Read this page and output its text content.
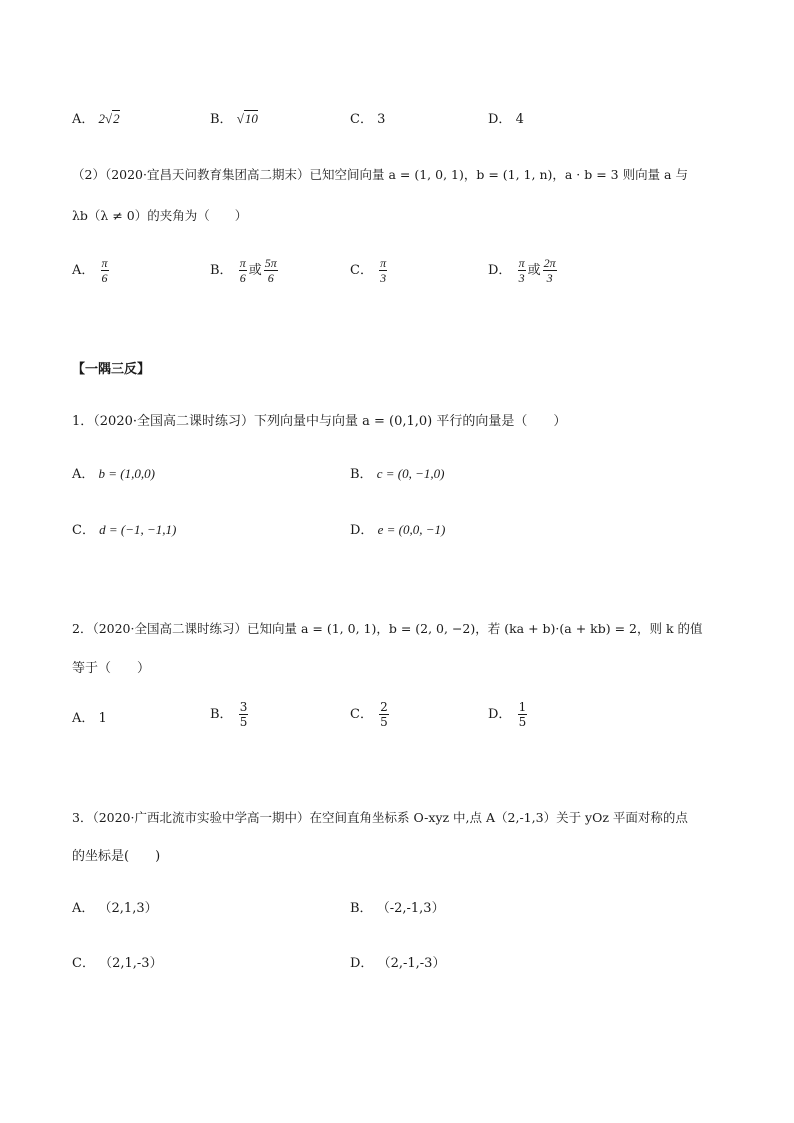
A． 2√2	B． √10	C． 3	D． 4
（2）（2020·宜昌天问教育集团高二期末）已知空间向量 a = (1, 0, 1)，b = (1, 1, n)，a · b = 3 则向量 a 与
λb（λ ≠ 0）的夹角为（　　）
A． $\frac{\pi}{6}$	B． $\frac{\pi}{6}$ 或 $\frac{5\pi}{6}$	C． $\frac{\pi}{3}$	D． $\frac{\pi}{3}$ 或 $\frac{2\pi}{3}$
【一隅三反】
1．（2020·全国高二课时练习）下列向量中与向量 a = (0,1,0) 平行的向量是（　　）
A． b = (1,0,0)	B． c = (0, −1,0)
C． d = (−1, −1,1)	D． e = (0,0, −1)
2．（2020·全国高二课时练习）已知向量 a = (1, 0, 1)，b = (2, 0, −2)，若 (ka + b)·(a + kb) = 2，则 k 的值
等于（　　）
A． 1	B． $\frac{3}{5}$	C． $\frac{2}{5}$	D． $\frac{1}{5}$
3．（2020·广西北流市实验中学高一期中）在空间直角坐标系 O-xyz 中,点 A（2,-1,3）关于 yOz 平面对称的点
的坐标是(　　)
A． （2,1,3）	B． （-2,-1,3）
C． （2,1,-3）	D． （2,-1,-3）
